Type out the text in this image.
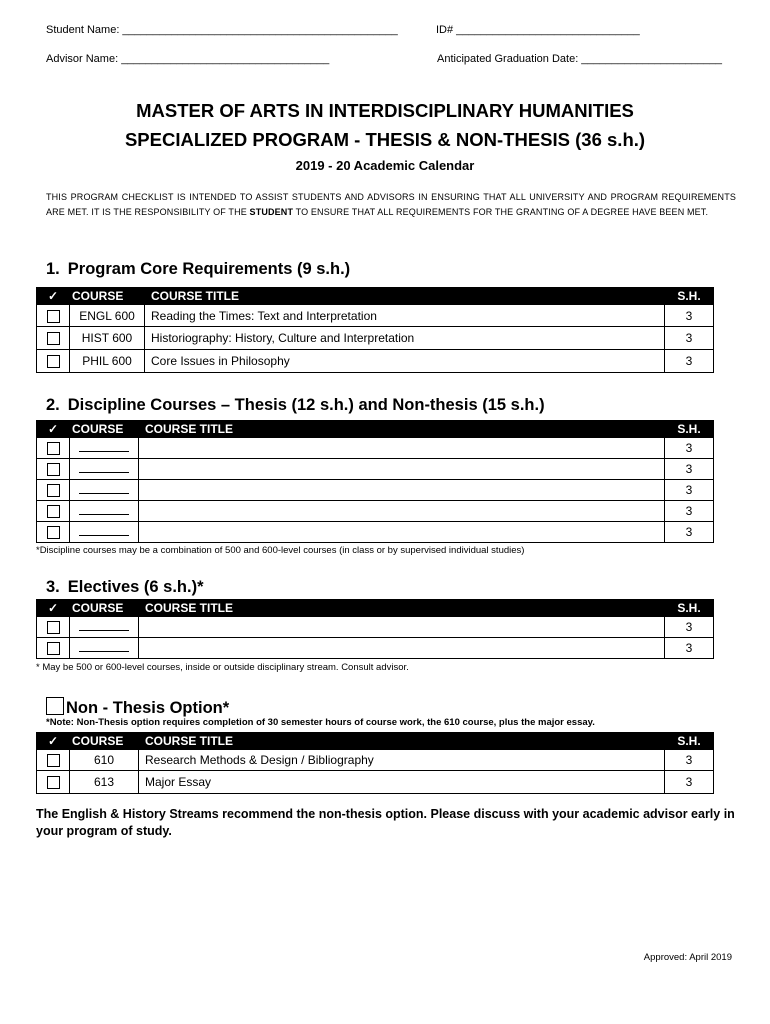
Student Name: _____________________________________________	ID# ______________________________
Advisor Name: __________________________________	Anticipated Graduation Date: _______________________
MASTER OF ARTS IN INTERDISCIPLINARY HUMANITIES
SPECIALIZED PROGRAM - THESIS & NON-THESIS (36 s.h.)
2019 - 20 Academic Calendar
THIS PROGRAM CHECKLIST IS INTENDED TO ASSIST STUDENTS AND ADVISORS IN ENSURING THAT ALL UNIVERSITY AND PROGRAM REQUIREMENTS ARE MET. IT IS THE RESPONSIBILITY OF THE STUDENT TO ENSURE THAT ALL REQUIREMENTS FOR THE GRANTING OF A DEGREE HAVE BEEN MET.
1. Program Core Requirements (9 s.h.)
✓	COURSE	COURSE TITLE	S.H.
	ENGL 600	Reading the Times: Text and Interpretation	3
	HIST 600	Historiography: History, Culture and Interpretation	3
	PHIL 600	Core Issues in Philosophy	3
2. Discipline Courses – Thesis (12 s.h.) and Non-thesis (15 s.h.)
✓	COURSE	COURSE TITLE	S.H.
			3
			3
			3
			3
			3
*Discipline courses may be a combination of 500 and 600-level courses (in class or by supervised individual studies)
3. Electives (6 s.h.)*
✓	COURSE	COURSE TITLE	S.H.
			3
			3
* May be 500 or 600-level courses, inside or outside disciplinary stream. Consult advisor.
Non - Thesis Option*
*Note: Non-Thesis option requires completion of 30 semester hours of course work, the 610 course, plus the major essay.
✓	COURSE	COURSE TITLE	S.H.
	610	Research Methods & Design / Bibliography	3
	613	Major Essay	3
The English & History Streams recommend the non-thesis option. Please discuss with your academic advisor early in your program of study.
Approved: April 2019
